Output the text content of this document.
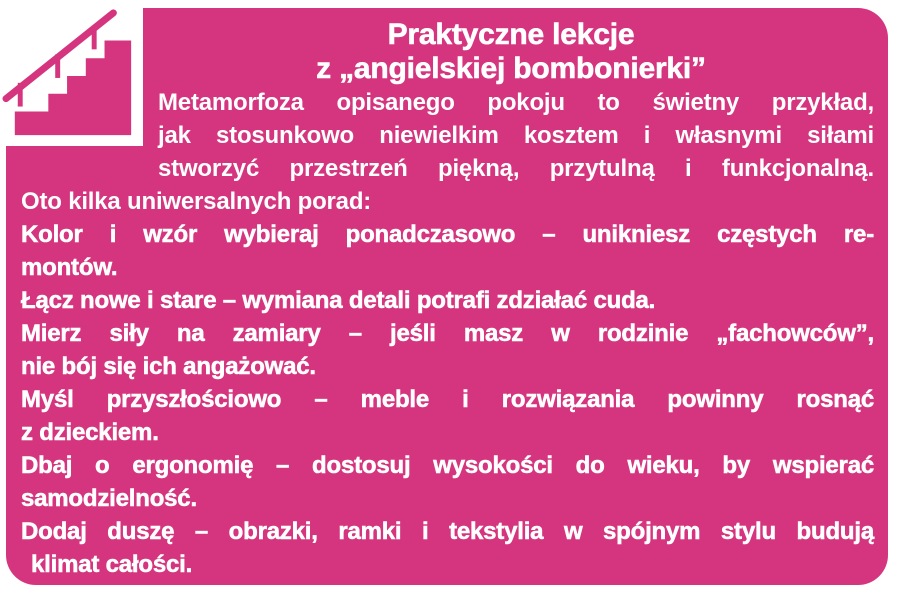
Praktyczne lekcje
z „angielskiej bombonierki”
Metamorfoza opisanego pokoju to świetny przykład,
jak stosunkowo niewielkim kosztem i własnymi siłami
stworzyć przestrzeń piękną, przytulną i funkcjonalną.
Oto kilka uniwersalnych porad:
Kolor i wzór wybieraj ponadczasowo – unikniesz częstych re-
montów.
Łącz nowe i stare – wymiana detali potrafi zdziałać cuda.
Mierz siły na zamiary – jeśli masz w rodzinie „fachowców”,
nie bój się ich angażować.
Myśl przyszłościowo – meble i rozwiązania powinny rosnąć
z dzieckiem.
Dbaj o ergonomię – dostosuj wysokości do wieku, by wspierać
samodzielność.
Dodaj duszę – obrazki, ramki i tekstylia w spójnym stylu budują
klimat całości.
